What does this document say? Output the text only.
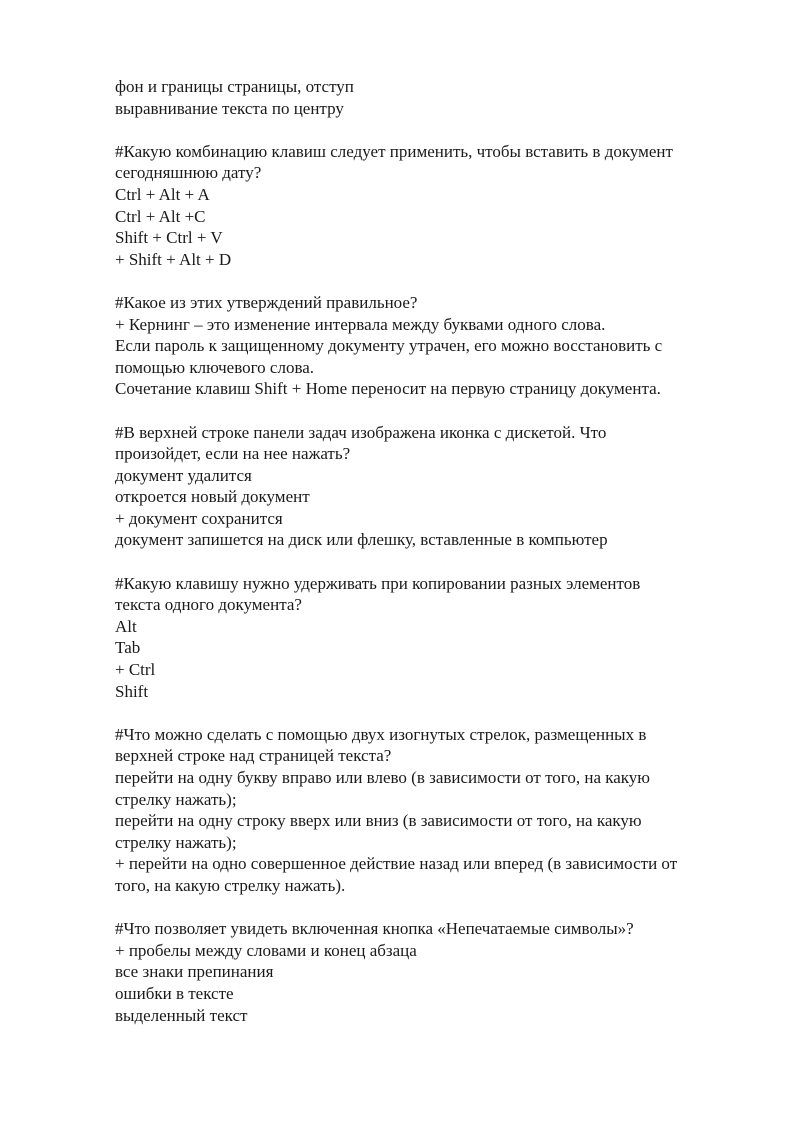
фон и границы страницы, отступ
выравнивание текста по центру
#Какую комбинацию клавиш следует применить, чтобы вставить в документ
сегодняшнюю дату?
Ctrl + Alt + A
Ctrl + Alt +C
Shift + Ctrl + V
+ Shift + Alt + D
#Какое из этих утверждений правильное?
+ Кернинг – это изменение интервала между буквами одного слова.
Если пароль к защищенному документу утрачен, его можно восстановить с
помощью ключевого слова.
Сочетание клавиш Shift + Home переносит на первую страницу документа.
#В верхней строке панели задач изображена иконка с дискетой. Что
произойдет, если на нее нажать?
документ удалится
откроется новый документ
+ документ сохранится
документ запишется на диск или флешку, вставленные в компьютер
#Какую клавишу нужно удерживать при копировании разных элементов
текста одного документа?
Alt
Tab
+ Ctrl
Shift
#Что можно сделать с помощью двух изогнутых стрелок, размещенных в
верхней строке над страницей текста?
перейти на одну букву вправо или влево (в зависимости от того, на какую
стрелку нажать);
перейти на одну строку вверх или вниз (в зависимости от того, на какую
стрелку нажать);
+ перейти на одно совершенное действие назад или вперед (в зависимости от
того, на какую стрелку нажать).
#Что позволяет увидеть включенная кнопка «Непечатаемые символы»?
+ пробелы между словами и конец абзаца
все знаки препинания
ошибки в тексте
выделенный текст
